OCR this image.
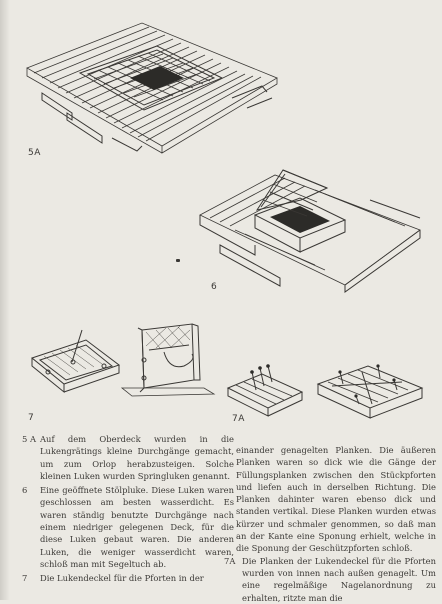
5A
6
7	7A
5 A Auf dem Oberdeck wurden in die Lukengrätings kleine Durchgänge gemacht, um zum Orlop herabzusteigen. Solche kleinen Luken wurden Springluken genannt.
6	Eine geöffnete Stölpluke. Diese Luken waren geschlossen am besten wasserdicht. Es waren ständig benutzte Durchgänge nach einem niedriger gelegenen Deck, für die diese Luken gebaut waren. Die anderen Luken, die weniger wasserdicht waren, schloß man mit Segeltuch ab.
7	Die Lukendeckel für die Pforten in der
einander genagelten Planken. Die äußeren Planken waren so dick wie die Gänge der Füllungsplanken zwischen den Stückpforten und liefen auch in derselben Richtung. Die Planken dahinter waren ebenso dick und standen vertikal. Diese Planken wurden etwas kürzer und schmaler genommen, so daß man an der Kante eine Sponung erhielt, welche in die Sponung der Geschützpforten schloß.
7A Die Planken der Lukendeckel für die Pforten wurden von innen nach außen genagelt. Um eine regelmäßige Nagelanordnung zu erhalten, ritzte man die
